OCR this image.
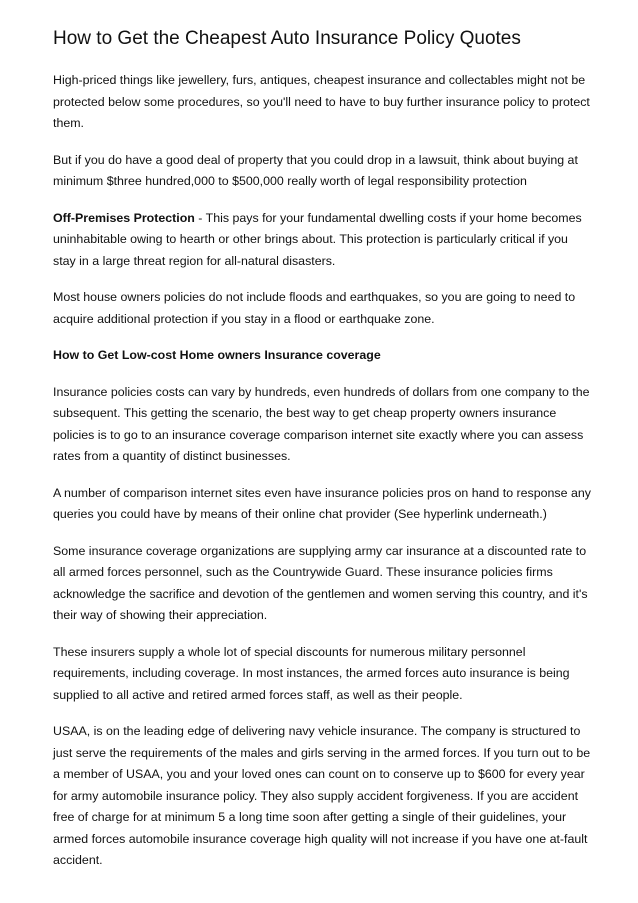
How to Get the Cheapest Auto Insurance Policy Quotes

High-priced things like jewellery, furs, antiques, cheapest insurance and collectables might not be protected below some procedures, so you'll need to have to buy further insurance policy to protect them.

But if you do have a good deal of property that you could drop in a lawsuit, think about buying at minimum $three hundred,000 to $500,000 really worth of legal responsibility protection

Off-Premises Protection - This pays for your fundamental dwelling costs if your home becomes uninhabitable owing to hearth or other brings about. This protection is particularly critical if you stay in a large threat region for all-natural disasters.

Most house owners policies do not include floods and earthquakes, so you are going to need to acquire additional protection if you stay in a flood or earthquake zone.

How to Get Low-cost Home owners Insurance coverage

Insurance policies costs can vary by hundreds, even hundreds of dollars from one company to the subsequent. This getting the scenario, the best way to get cheap property owners insurance policies is to go to an insurance coverage comparison internet site exactly where you can assess rates from a quantity of distinct businesses.

A number of comparison internet sites even have insurance policies pros on hand to response any queries you could have by means of their online chat provider (See hyperlink underneath.)

Some insurance coverage organizations are supplying army car insurance at a discounted rate to all armed forces personnel, such as the Countrywide Guard. These insurance policies firms acknowledge the sacrifice and devotion of the gentlemen and women serving this country, and it's their way of showing their appreciation.

These insurers supply a whole lot of special discounts for numerous military personnel requirements, including coverage. In most instances, the armed forces auto insurance is being supplied to all active and retired armed forces staff, as well as their people.

USAA, is on the leading edge of delivering navy vehicle insurance. The company is structured to just serve the requirements of the males and girls serving in the armed forces. If you turn out to be a member of USAA, you and your loved ones can count on to conserve up to $600 for every year for army automobile insurance policy. They also supply accident forgiveness. If you are accident free of charge for at minimum 5 a long time soon after getting a single of their guidelines, your armed forces automobile insurance coverage high quality will not increase if you have one at-fault accident.
